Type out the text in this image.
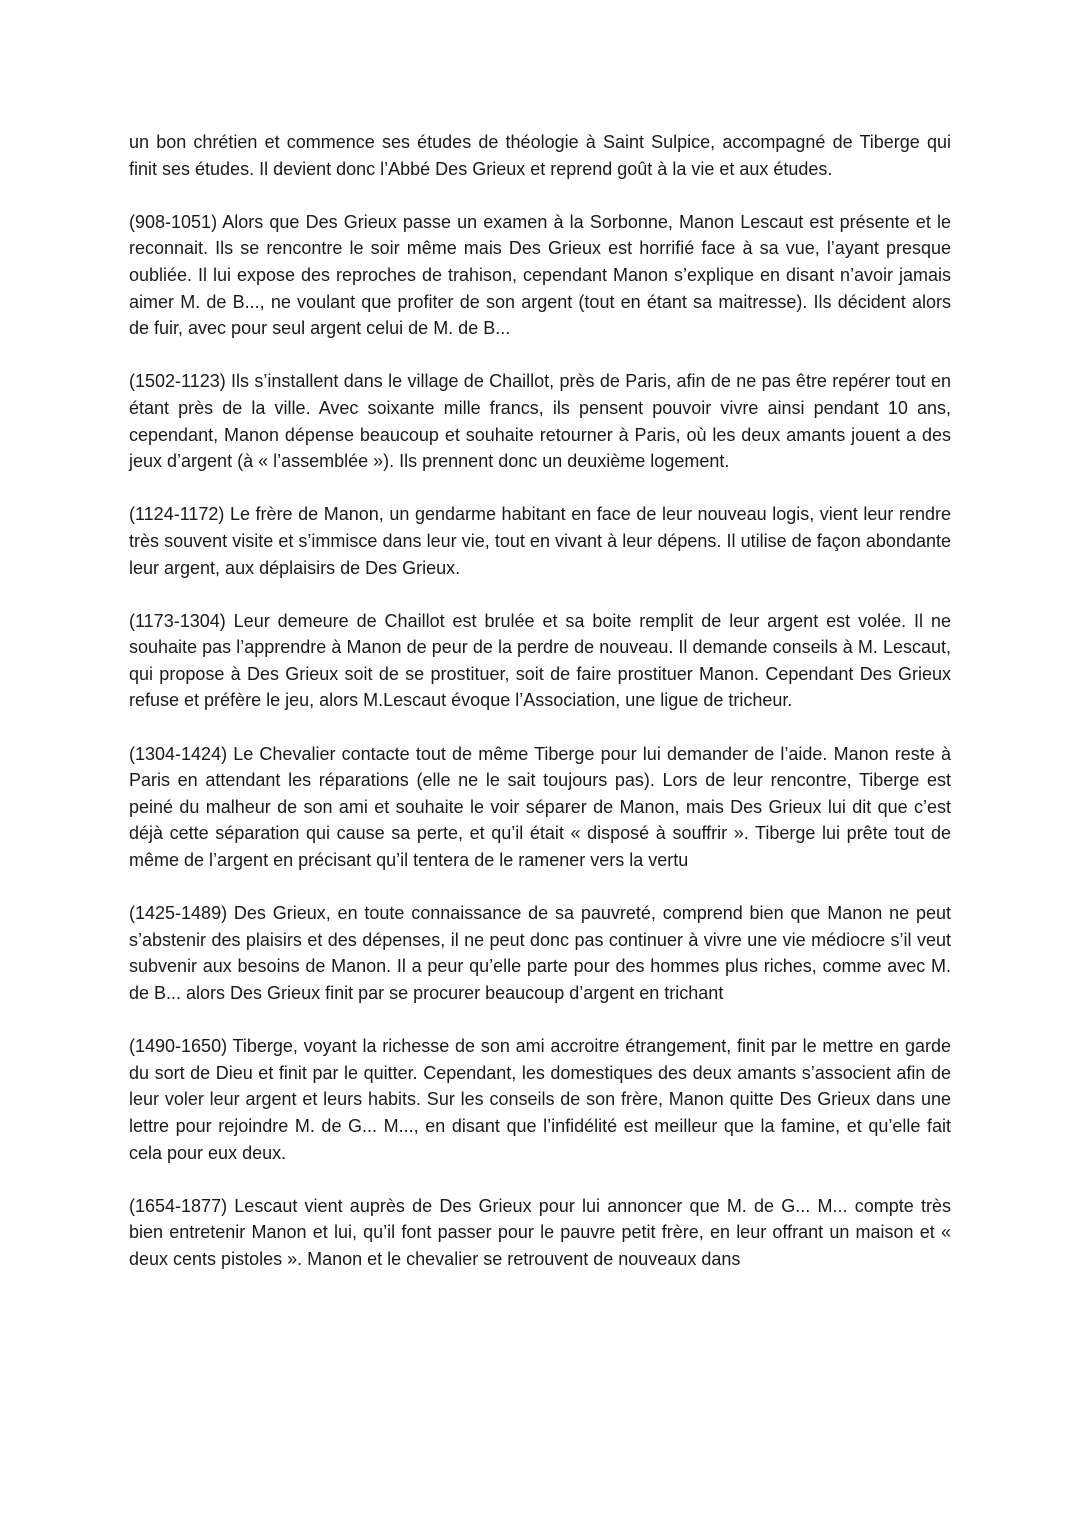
un bon chrétien et commence ses études de théologie à Saint Sulpice, accompagné de Tiberge qui finit ses études. Il devient donc l’Abbé Des Grieux et reprend goût à la vie et aux études.

(908-1051) Alors que Des Grieux passe un examen à la Sorbonne, Manon Lescaut est présente et le reconnait. Ils se rencontre le soir même mais Des Grieux est horrifié face à sa vue, l’ayant presque oubliée. Il lui expose des reproches de trahison, cependant Manon s’explique en disant n’avoir jamais aimer M. de B..., ne voulant que profiter de son argent (tout en étant sa maitresse). Ils décident alors de fuir, avec pour seul argent celui de M. de B...

(1502-1123) Ils s’installent dans le village de Chaillot, près de Paris, afin de ne pas être repérer tout en étant près de la ville. Avec soixante mille francs, ils pensent pouvoir vivre ainsi pendant 10 ans, cependant, Manon dépense beaucoup et souhaite retourner à Paris, où les deux amants jouent a des jeux d’argent (à « l’assemblée »). Ils prennent donc un deuxième logement.

(1124-1172) Le frère de Manon, un gendarme habitant en face de leur nouveau logis, vient leur rendre très souvent visite et s’immisce dans leur vie, tout en vivant à leur dépens. Il utilise de façon abondante leur argent, aux déplaisirs de Des Grieux.

(1173-1304) Leur demeure de Chaillot est brulée et sa boite remplit de leur argent est volée. Il ne souhaite pas l’apprendre à Manon de peur de la perdre de nouveau. Il demande conseils à M. Lescaut, qui propose à Des Grieux soit de se prostituer, soit de faire prostituer Manon. Cependant Des Grieux refuse et préfère le jeu, alors M.Lescaut évoque l’Association, une ligue de tricheur.

(1304-1424) Le Chevalier contacte tout de même Tiberge pour lui demander de l’aide. Manon reste à Paris en attendant les réparations (elle ne le sait toujours pas). Lors de leur rencontre, Tiberge est peiné du malheur de son ami et souhaite le voir séparer de Manon, mais Des Grieux lui dit que c’est déjà cette séparation qui cause sa perte, et qu’il était « disposé à souffrir ». Tiberge lui prête tout de même de l’argent en précisant qu’il tentera de le ramener vers la vertu

(1425-1489) Des Grieux, en toute connaissance de sa pauvreté, comprend bien que Manon ne peut s’abstenir des plaisirs et des dépenses, il ne peut donc pas continuer à vivre une vie médiocre s’il veut subvenir aux besoins de Manon. Il a peur qu’elle parte pour des hommes plus riches, comme avec M. de B... alors Des Grieux finit par se procurer beaucoup d’argent en trichant

(1490-1650) Tiberge, voyant la richesse de son ami accroitre étrangement, finit par le mettre en garde du sort de Dieu et finit par le quitter. Cependant, les domestiques des deux amants s’associent afin de leur voler leur argent et leurs habits. Sur les conseils de son frère, Manon quitte Des Grieux dans une lettre pour rejoindre M. de G... M..., en disant que l’infidélité est meilleur que la famine, et qu’elle fait cela pour eux deux.

(1654-1877) Lescaut vient auprès de Des Grieux pour lui annoncer que M. de G... M... compte très bien entretenir Manon et lui, qu’il font passer pour le pauvre petit frère, en leur offrant un maison et « deux cents pistoles ». Manon et le chevalier se retrouvent de nouveaux dans
